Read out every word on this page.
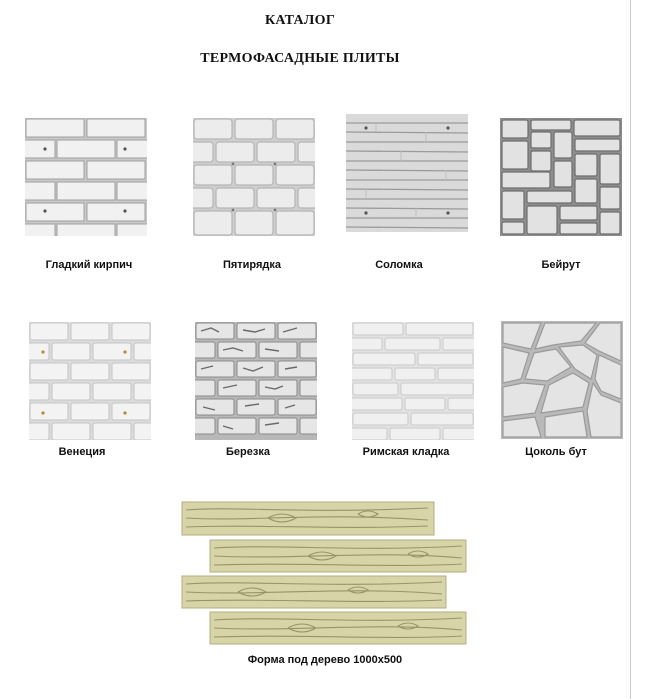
КАТАЛОГ
ТЕРМОФАСАДНЫЕ ПЛИТЫ
Гладкий кирпич	Пятирядка	Соломка	Бейрут
Венеция	Березка	Римская кладка	Цоколь бут
Форма под дерево 1000х500
